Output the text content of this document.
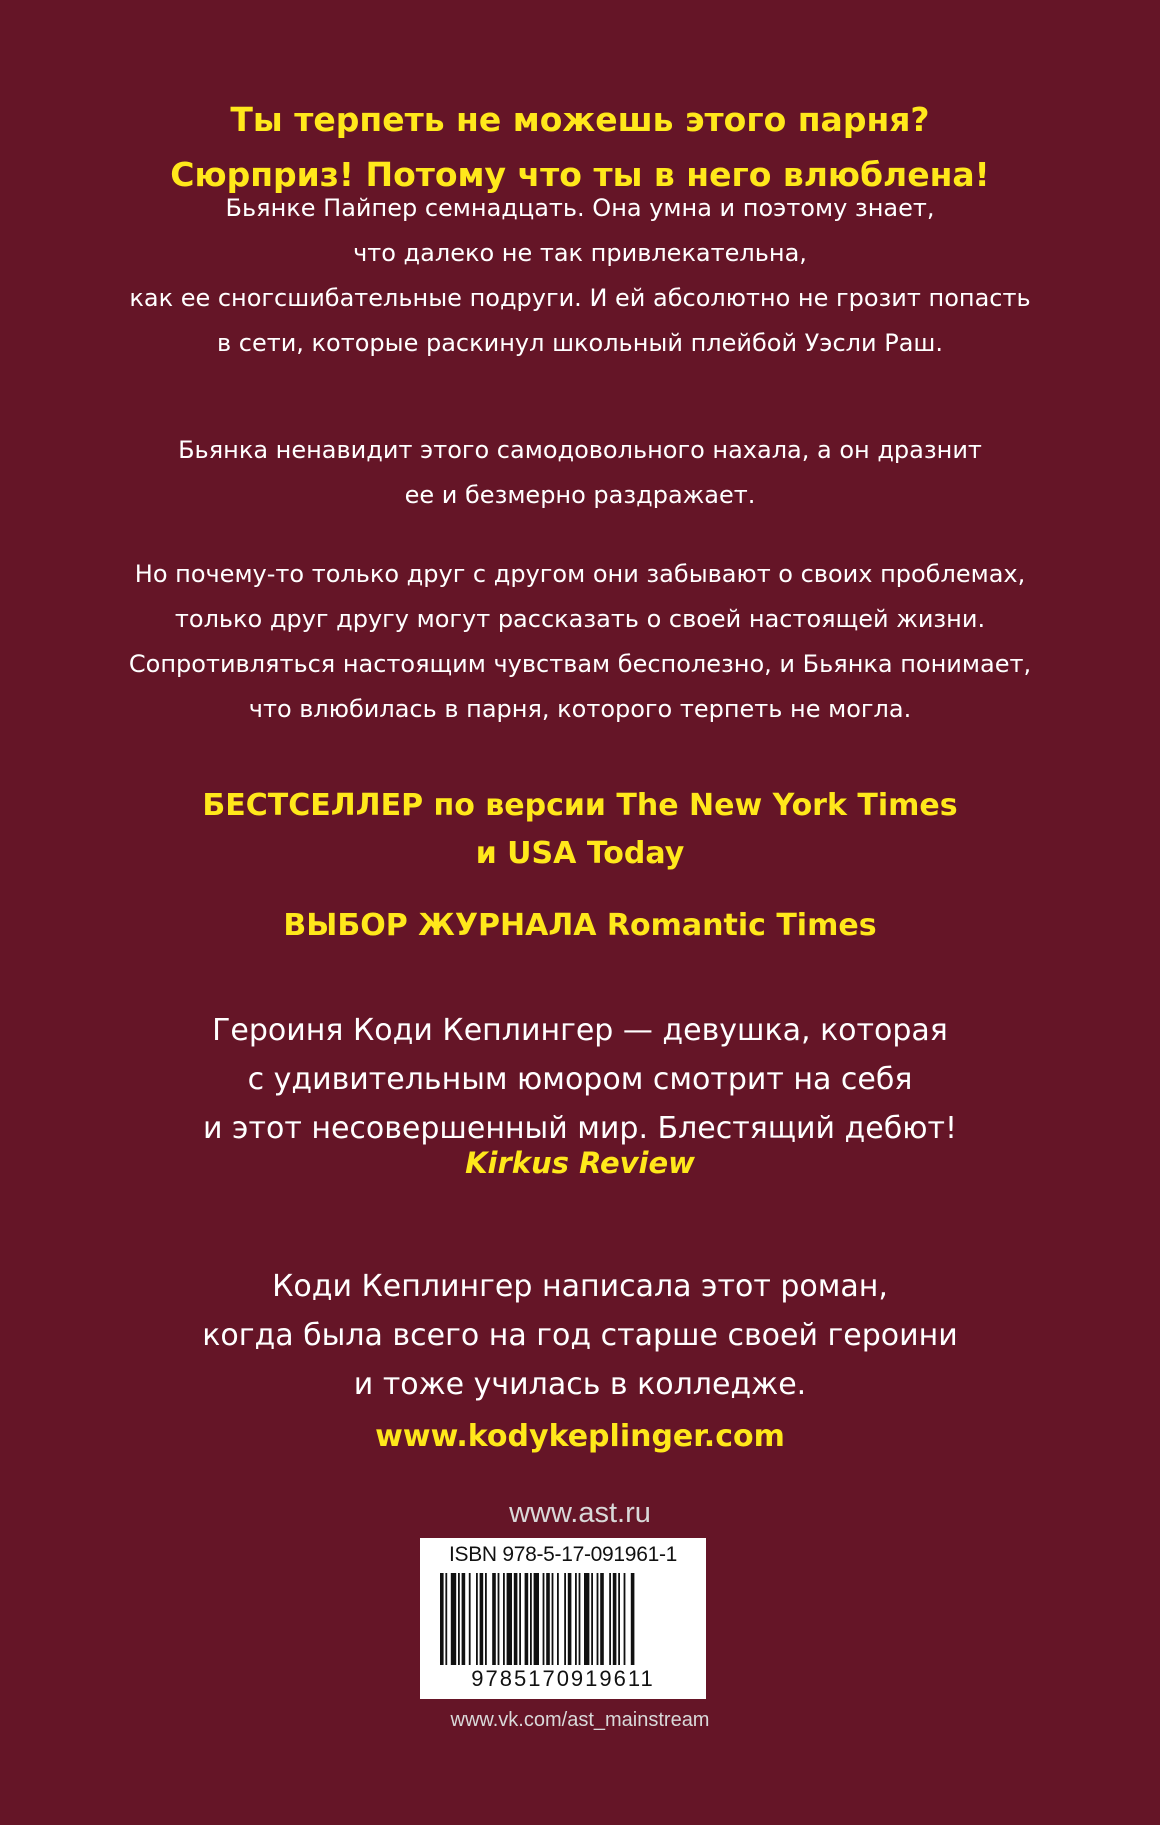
Ты терпеть не можешь этого парня?
Сюрприз! Потому что ты в него влюблена!
Бьянке Пайпер семнадцать. Она умна и поэтому знает,
что далеко не так привлекательна,
как ее сногсшибательные подруги. И ей абсолютно не грозит попасть
в сети, которые раскинул школьный плейбой Уэсли Раш.
Бьянка ненавидит этого самодовольного нахала, а он дразнит
ее и безмерно раздражает.
Но почему-то только друг с другом они забывают о своих проблемах,
только друг другу могут рассказать о своей настоящей жизни.
Сопротивляться настоящим чувствам бесполезно, и Бьянка понимает,
что влюбилась в парня, которого терпеть не могла.
БЕСТСЕЛЛЕР по версии The New York Times
и USA Today
ВЫБОР ЖУРНАЛА Romantic Times
Героиня Коди Кеплингер — девушка, которая
с удивительным юмором смотрит на себя
и этот несовершенный мир. Блестящий дебют!
Kirkus Review
Коди Кеплингер написала этот роман,
когда была всего на год старше своей героини
и тоже училась в колледже.
www.kodykeplinger.com
www.ast.ru
ISBN 978-5-17-091961-1
9785170919611
www.vk.com/ast_mainstream
